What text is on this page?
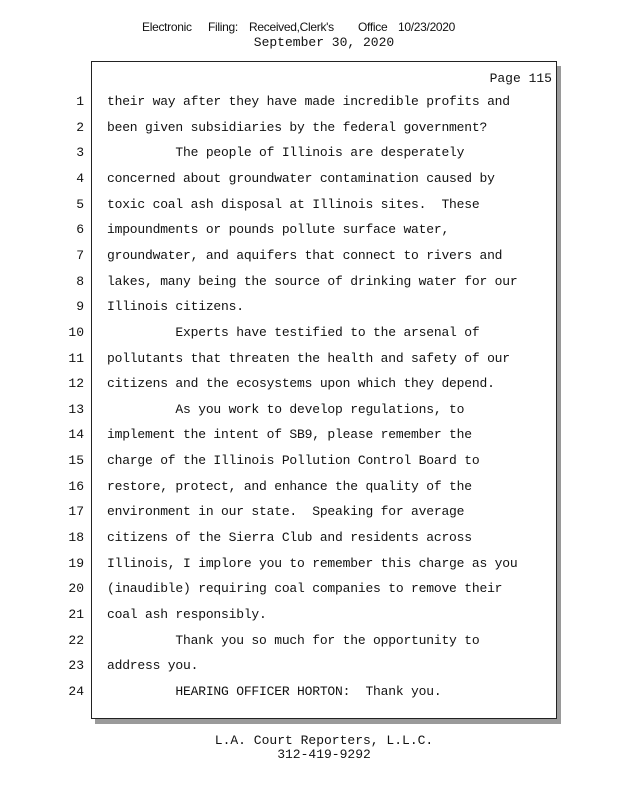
Electronic Filing: Received,Clerk's Office 10/23/2020
September 30, 2020
Page 115
1 their way after they have made incredible profits and
2 been given subsidiaries by the federal government?
3 The people of Illinois are desperately
4 concerned about groundwater contamination caused by
5 toxic coal ash disposal at Illinois sites.  These
6 impoundments or pounds pollute surface water,
7 groundwater, and aquifers that connect to rivers and
8 lakes, many being the source of drinking water for our
9 Illinois citizens.
10 Experts have testified to the arsenal of
11 pollutants that threaten the health and safety of our
12 citizens and the ecosystems upon which they depend.
13 As you work to develop regulations, to
14 implement the intent of SB9, please remember the
15 charge of the Illinois Pollution Control Board to
16 restore, protect, and enhance the quality of the
17 environment in our state.  Speaking for average
18 citizens of the Sierra Club and residents across
19 Illinois, I implore you to remember this charge as you
20 (inaudible) requiring coal companies to remove their
21 coal ash responsibly.
22 Thank you so much for the opportunity to
23 address you.
24 HEARING OFFICER HORTON:  Thank you.
L.A. Court Reporters, L.L.C.
312-419-9292
